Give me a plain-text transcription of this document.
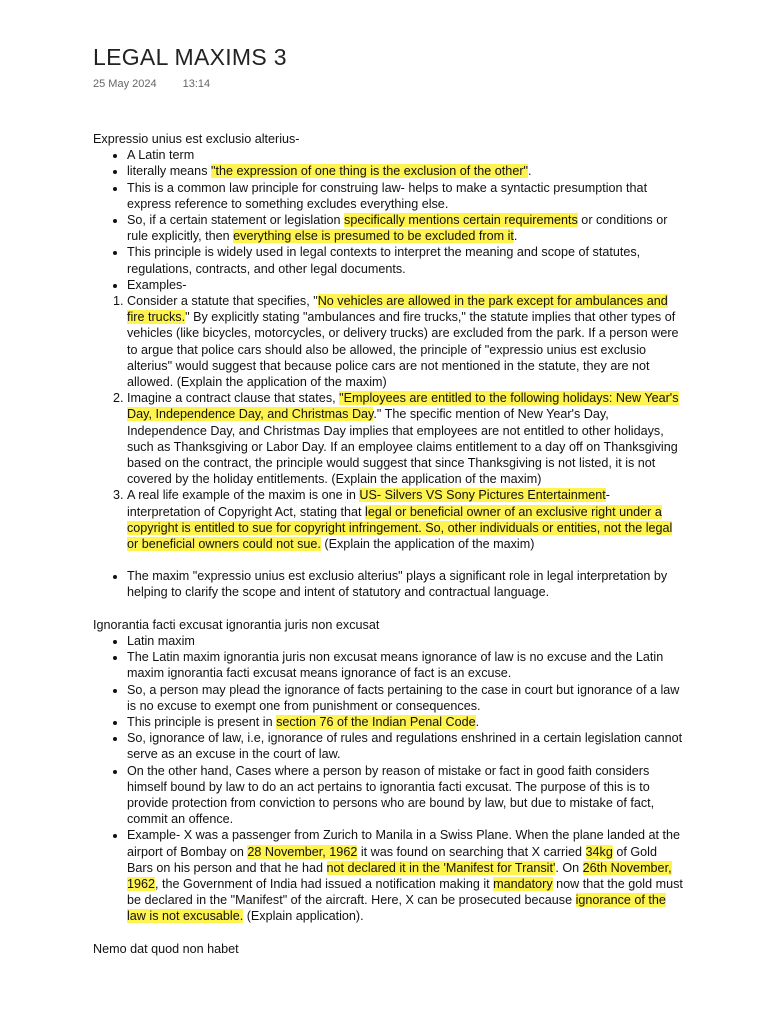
LEGAL MAXIMS 3
25 May 2024 13:14

Expressio unius est exclusio alterius-

• A Latin term
• literally means "the expression of one thing is the exclusion of the other".
• This is a common law principle for construing law- helps to make a syntactic presumption that express reference to something excludes everything else.
• So, if a certain statement or legislation specifically mentions certain requirements or conditions or rule explicitly, then everything else is presumed to be excluded from it.
• This principle is widely used in legal contexts to interpret the meaning and scope of statutes, regulations, contracts, and other legal documents.
• Examples-
1. Consider a statute that specifies, "No vehicles are allowed in the park except for ambulances and fire trucks." By explicitly stating "ambulances and fire trucks," the statute implies that other types of vehicles (like bicycles, motorcycles, or delivery trucks) are excluded from the park. If a person were to argue that police cars should also be allowed, the principle of "expressio unius est exclusio alterius" would suggest that because police cars are not mentioned in the statute, they are not allowed. (Explain the application of the maxim)
2. Imagine a contract clause that states, "Employees are entitled to the following holidays: New Year's Day, Independence Day, and Christmas Day." The specific mention of New Year's Day, Independence Day, and Christmas Day implies that employees are not entitled to other holidays, such as Thanksgiving or Labor Day. If an employee claims entitlement to a day off on Thanksgiving based on the contract, the principle would suggest that since Thanksgiving is not listed, it is not covered by the holiday entitlements. (Explain the application of the maxim)
3. A real life example of the maxim is one in US- Silvers VS Sony Pictures Entertainment- interpretation of Copyright Act, stating that legal or beneficial owner of an exclusive right under a copyright is entitled to sue for copyright infringement. So, other individuals or entities, not the legal or beneficial owners could not sue. (Explain the application of the maxim)
• The maxim "expressio unius est exclusio alterius" plays a significant role in legal interpretation by helping to clarify the scope and intent of statutory and contractual language.

Ignorantia facti excusat ignorantia juris non excusat

• Latin maxim
• The Latin maxim ignorantia juris non excusat means ignorance of law is no excuse and the Latin maxim ignorantia facti excusat means ignorance of fact is an excuse.
• So, a person may plead the ignorance of facts pertaining to the case in court but ignorance of a law is no excuse to exempt one from punishment or consequences.
• This principle is present in section 76 of the Indian Penal Code.
• So, ignorance of law, i.e, ignorance of rules and regulations enshrined in a certain legislation cannot serve as an excuse in the court of law.
• On the other hand, Cases where a person by reason of mistake or fact in good faith considers himself bound by law to do an act pertains to ignorantia facti excusat. The purpose of this is to provide protection from conviction to persons who are bound by law, but due to mistake of fact, commit an offence.
• Example- X was a passenger from Zurich to Manila in a Swiss Plane. When the plane landed at the airport of Bombay on 28 November, 1962 it was found on searching that X carried 34kg of Gold Bars on his person and that he had not declared it in the 'Manifest for Transit'. On 26th November, 1962, the Government of India had issued a notification making it mandatory now that the gold must be declared in the "Manifest" of the aircraft. Here, X can be prosecuted because ignorance of the law is not excusable. (Explain application).

Nemo dat quod non habet
